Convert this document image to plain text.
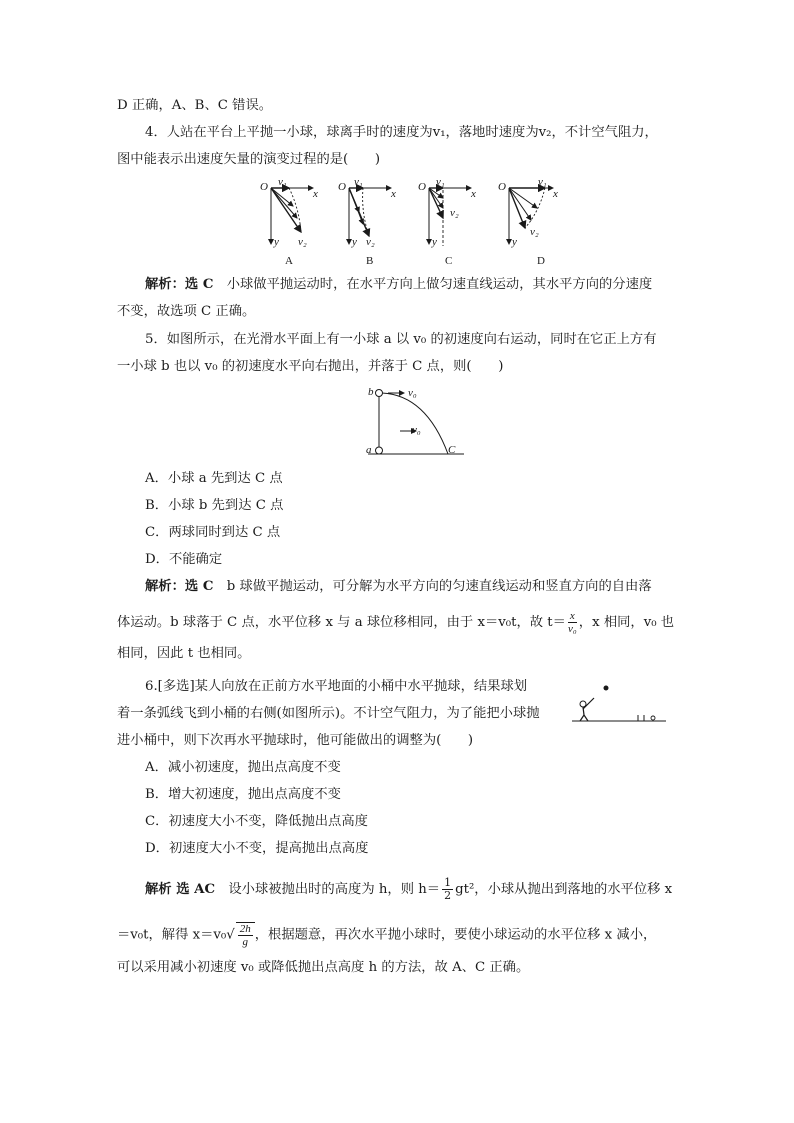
D 正确，A、B、C 错误。
4．人站在平台上平抛一小球，球离手时的速度为v₁，落地时速度为v₂，不计空气阻力，
图中能表示出速度矢量的演变过程的是(　　)
O
x
y
v₁
v₂
O
x
y
v₁
v₂
O
x
y
v₁
v₂
O
x
y
v₁
v₂
A	B	C	D
解析：选 C　小球做平抛运动时，在水平方向上做匀速直线运动，其水平方向的分速度
不变，故选项 C 正确。
5．如图所示，在光滑水平面上有一小球 a 以 v₀ 的初速度向右运动，同时在它正上方有
一小球 b 也以 v₀ 的初速度水平向右抛出，并落于 C 点，则(　　)
b
a	C
v₀
v₀
A．小球 a 先到达 C 点
B．小球 b 先到达 C 点
C．两球同时到达 C 点
D．不能确定
解析：选 C　b 球做平抛运动，可分解为水平方向的匀速直线运动和竖直方向的自由落
体运动。b 球落于 C 点，水平位移 x 与 a 球位移相同，由于 x＝v₀t，故 $t= \frac{x}{\text{v₀}}$ ，x 相同，v₀ 也
相同，因此 t 也相同。
6.[多选]某人向放在正前方水平地面的小桶中水平抛球，结果球划
着一条弧线飞到小桶的右侧(如图所示)。不计空气阻力，为了能把小球抛
进小桶中，则下次再水平抛球时，他可能做出的调整为(　　)
A．减小初速度，抛出点高度不变
B．增大初速度，抛出点高度不变
C．初速度大小不变，降低抛出点高度
D．初速度大小不变，提高抛出点高度
解析 选 AC　设小球被抛出时的高度为 h，则 $h= \frac{1}{2} gt^2$，小球从抛出到落地的水平位移 x
＝v₀t，解得 $x=v_0√ \frac{2h}{g}$ ，根据题意，再次水平抛小球时，要使小球运动的水平位移 x 减小，
可以采用减小初速度 v₀ 或降低抛出点高度 h 的方法，故 A、C 正确。
